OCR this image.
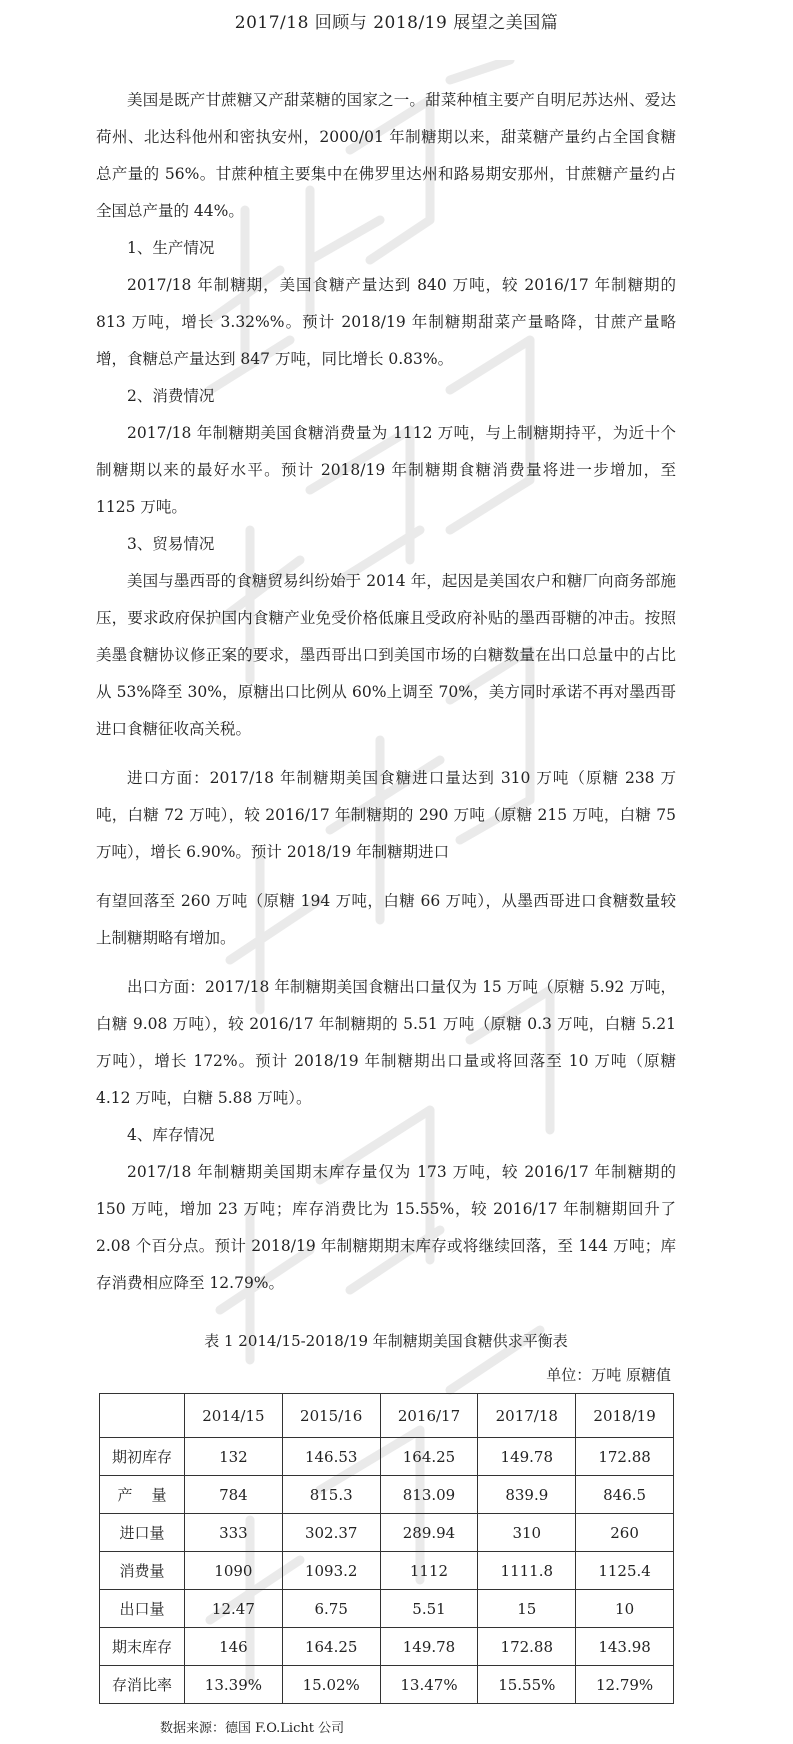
2017/18 回顾与 2018/19 展望之美国篇

美国是既产甘蔗糖又产甜菜糖的国家之一。甜菜种植主要产自明尼苏达州、爱达荷州、北达科他州和密执安州，2000/01 年制糖期以来，甜菜糖产量约占全国食糖总产量的 56%。甘蔗种植主要集中在佛罗里达州和路易期安那州，甘蔗糖产量约占全国总产量的 44%。

1、生产情况

2017/18 年制糖期，美国食糖产量达到 840 万吨，较 2016/17 年制糖期的 813 万吨，增长 3.32%%。预计 2018/19 年制糖期甜菜产量略降，甘蔗产量略增，食糖总产量达到 847 万吨，同比增长 0.83%。

2、消费情况

2017/18 年制糖期美国食糖消费量为 1112 万吨，与上制糖期持平，为近十个制糖期以来的最好水平。预计 2018/19 年制糖期食糖消费量将进一步增加，至 1125 万吨。

3、贸易情况

美国与墨西哥的食糖贸易纠纷始于 2014 年，起因是美国农户和糖厂向商务部施压，要求政府保护国内食糖产业免受价格低廉且受政府补贴的墨西哥糖的冲击。按照美墨食糖协议修正案的要求，墨西哥出口到美国市场的白糖数量在出口总量中的占比从 53%降至 30%，原糖出口比例从 60%上调至 70%，美方同时承诺不再对墨西哥进口食糖征收高关税。

进口方面：2017/18 年制糖期美国食糖进口量达到 310 万吨（原糖 238 万吨，白糖 72 万吨），较 2016/17 年制糖期的 290 万吨（原糖 215 万吨，白糖 75 万吨），增长 6.90%。预计 2018/19 年制糖期进口

有望回落至 260 万吨（原糖 194 万吨，白糖 66 万吨），从墨西哥进口食糖数量较上制糖期略有增加。

出口方面：2017/18 年制糖期美国食糖出口量仅为 15 万吨（原糖 5.92 万吨，白糖 9.08 万吨），较 2016/17 年制糖期的 5.51 万吨（原糖 0.3 万吨，白糖 5.21 万吨），增长 172%。预计 2018/19 年制糖期出口量或将回落至 10 万吨（原糖 4.12 万吨，白糖 5.88 万吨）。

4、库存情况

2017/18 年制糖期美国期末库存量仅为 173 万吨，较 2016/17 年制糖期的 150 万吨，增加 23 万吨；库存消费比为 15.55%，较 2016/17 年制糖期回升了 2.08 个百分点。预计 2018/19 年制糖期期末库存或将继续回落，至 144 万吨；库存消费相应降至 12.79%。

表 1 2014/15-2018/19 年制糖期美国食糖供求平衡表
单位：万吨 原糖值
	2014/15	2015/16	2016/17	2017/18	2018/19
期初库存	132	146.53	164.25	149.78	172.88
产    量	784	815.3	813.09	839.9	846.5
进口量	333	302.37	289.94	310	260
消费量	1090	1093.2	1112	1111.8	1125.4
出口量	12.47	6.75	5.51	15	10
期末库存	146	164.25	149.78	172.88	143.98
存消比率	13.39%	15.02%	13.47%	15.55%	12.79%
数据来源：德国 F.O.Licht 公司
